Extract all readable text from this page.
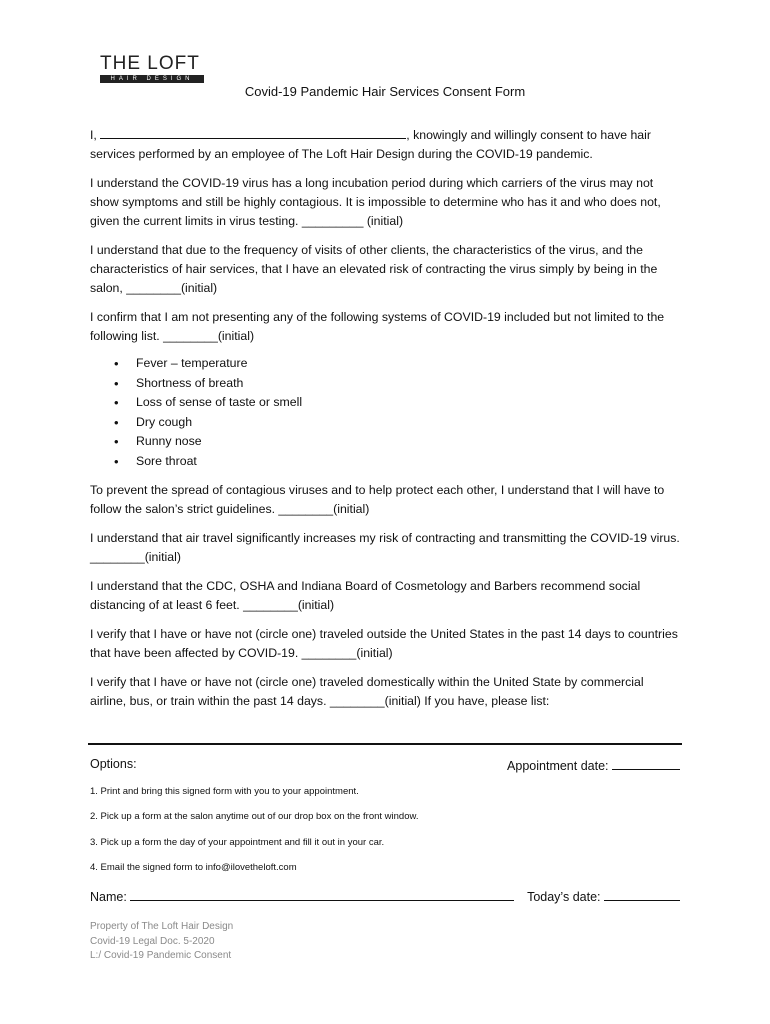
THE LOFT
HAIR DESIGN
Covid-19 Pandemic Hair Services Consent Form

I,	, knowingly and willingly consent to have hair
services performed by an employee of The Loft Hair Design during the COVID-19 pandemic.

I understand the COVID-19 virus has a long incubation period during which carriers of the virus may not show symptoms and still be highly contagious. It is impossible to determine who has it and who does not, given the current limits in virus testing. _________ (initial)

I understand that due to the frequency of visits of other clients, the characteristics of the virus, and the characteristics of hair services, that I have an elevated risk of contracting the virus simply by being in the salon, ________(initial)

I confirm that I am not presenting any of the following systems of COVID-19 included but not limited to the following list. ________(initial)

• Fever – temperature
• Shortness of breath
• Loss of sense of taste or smell
• Dry cough
• Runny nose
• Sore throat

To prevent the spread of contagious viruses and to help protect each other, I understand that I will have to follow the salon’s strict guidelines. ________(initial)

I understand that air travel significantly increases my risk of contracting and transmitting the COVID-19 virus. ________(initial)

I understand that the CDC, OSHA and Indiana Board of Cosmetology and Barbers recommend social distancing of at least 6 feet. ________(initial)

I verify that I have or have not (circle one) traveled outside the United States in the past 14 days to countries that have been affected by COVID-19. ________(initial)

I verify that I have or have not (circle one) traveled domestically within the United State by commercial airline, bus, or train within the past 14 days. ________(initial) If you have, please list:

Options:	Appointment date:
1. Print and bring this signed form with you to your appointment.
2. Pick up a form at the salon anytime out of our drop box on the front window.
3. Pick up a form the day of your appointment and fill it out in your car.
4. Email the signed form to info@ilovetheloft.com
Name:	Today’s date:
Property of The Loft Hair Design
Covid-19 Legal Doc. 5-2020
L:/ Covid-19 Pandemic Consent
